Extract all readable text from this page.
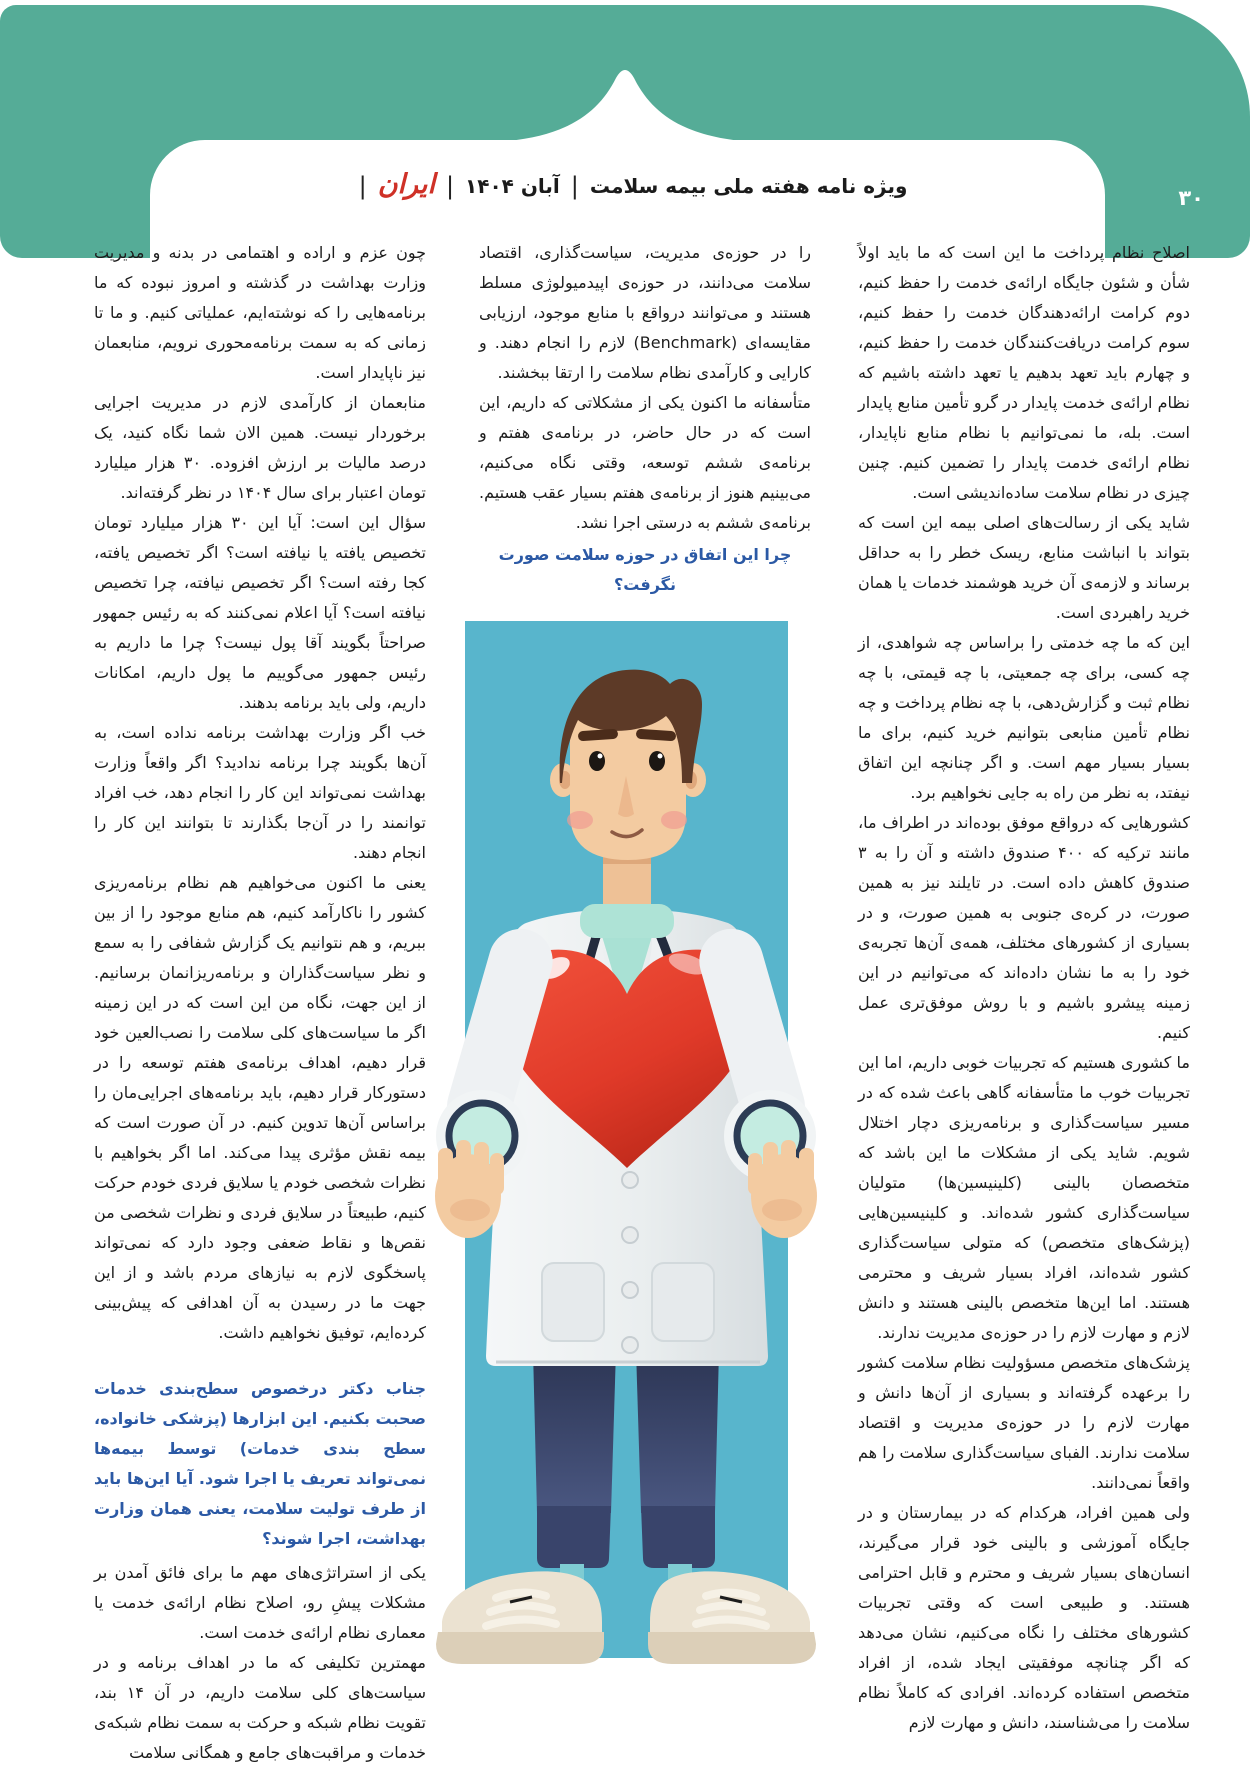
۳۰
ویژه نامه هفته ملی بیمه سلامت
|
آبان ۱۴۰۴
|
ایران
|

اصلاح نظام پرداخت ما این است که ما باید اولاً شأن و شئون جایگاه ارائه‌ی خدمت را حفظ کنیم، دوم کرامت ارائه‌دهندگان خدمت را حفظ کنیم، سوم کرامت دریافت‌کنندگان خدمت را حفظ کنیم، و چهارم باید تعهد بدهیم یا تعهد داشته باشیم که نظام ارائه‌ی خدمت پایدار در گرو تأمین منابع پایدار است. بله، ما نمی‌توانیم با نظام منابع ناپایدار، نظام ارائه‌ی خدمت پایدار را تضمین کنیم. چنین چیزی در نظام سلامت ساده‌اندیشی است.

شاید یکی از رسالت‌های اصلی بیمه این است که بتواند با انباشت منابع، ریسک خطر را به حداقل برساند و لازمه‌ی آن خرید هوشمند خدمات یا همان خرید راهبردی است.

این که ما چه خدمتی را براساس چه شواهدی، از چه کسی، برای چه جمعیتی، با چه قیمتی، با چه نظام ثبت و گزارش‌دهی، با چه نظام پرداخت و چه نظام تأمین منابعی بتوانیم خرید کنیم، برای ما بسیار بسیار مهم است. و اگر چنانچه این اتفاق نیفتد، به نظر من راه به جایی نخواهیم برد.

کشورهایی که درواقع موفق بوده‌اند در اطراف ما، مانند ترکیه که ۴۰۰ صندوق داشته و آن را به ۳ صندوق کاهش داده است. در تایلند نیز به همین صورت، در کره‌ی جنوبی به همین صورت، و در بسیاری از کشورهای مختلف، همه‌ی آن‌ها تجربه‌ی خود را به ما نشان داده‌اند که می‌توانیم در این زمینه پیشرو باشیم و با روش موفق‌تری عمل کنیم.

ما کشوری هستیم که تجربیات خوبی داریم، اما این تجربیات خوب ما متأسفانه گاهی باعث شده که در مسیر سیاست‌گذاری و برنامه‌ریزی دچار اختلال شویم. شاید یکی از مشکلات ما این باشد که متخصصان بالینی (کلینیسین‌ها) متولیان سیاست‌گذاری کشور شده‌اند. و کلینیسین‌هایی (پزشک‌های متخصص) که متولی سیاست‌گذاری کشور شده‌اند، افراد بسیار شریف و محترمی هستند. اما این‌ها متخصص بالینی هستند و دانش لازم و مهارت لازم را در حوزه‌ی مدیریت ندارند.

پزشک‌های متخصص مسؤولیت نظام سلامت کشور را برعهده گرفته‌اند و بسیاری از آن‌ها دانش و مهارت لازم را در حوزه‌ی مدیریت و اقتصاد سلامت ندارند. الفبای سیاست‌گذاری سلامت را هم واقعاً نمی‌دانند.

ولی همین افراد، هرکدام که در بیمارستان و در جایگاه آموزشی و بالینی خود قرار می‌گیرند، انسان‌های بسیار شریف و محترم و قابل احترامی هستند. و طبیعی است که وقتی تجربیات کشورهای مختلف را نگاه می‌کنیم، نشان می‌دهد که اگر چنانچه موفقیتی ایجاد شده، از افراد متخصص استفاده کرده‌اند. افرادی که کاملاً نظام سلامت را می‌شناسند، دانش و مهارت لازم

را در حوزه‌ی مدیریت، سیاست‌گذاری، اقتصاد سلامت می‌دانند، در حوزه‌ی اپیدمیولوژی مسلط هستند و می‌توانند درواقع با منابع موجود، ارزیابی مقایسه‌ای (Benchmark) لازم را انجام دهند. و کارایی و کارآمدی نظام سلامت را ارتقا ببخشند.

متأسفانه ما اکنون یکی از مشکلاتی که داریم، این است که در حال حاضر، در برنامه‌ی هفتم و برنامه‌ی ششم توسعه، وقتی نگاه می‌کنیم، می‌بینیم هنوز از برنامه‌ی هفتم بسیار عقب هستیم. برنامه‌ی ششم به درستی اجرا نشد.

چرا این اتفاق در حوزه سلامت صورت نگرفت؟

چون عزم و اراده و اهتمامی در بدنه و مدیریت وزارت بهداشت در گذشته و امروز نبوده که ما برنامه‌هایی را که نوشته‌ایم، عملیاتی کنیم. و ما تا زمانی که به سمت برنامه‌محوری نرویم، منابعمان نیز ناپایدار است.

منابعمان از کارآمدی لازم در مدیریت اجرایی برخوردار نیست. همین الان شما نگاه کنید، یک درصد مالیات بر ارزش افزوده. ۳۰ هزار میلیارد تومان اعتبار برای سال ۱۴۰۴ در نظر گرفته‌اند.

سؤال این است: آیا این ۳۰ هزار میلیارد تومان تخصیص یافته یا نیافته است؟ اگر تخصیص یافته، کجا رفته است؟ اگر تخصیص نیافته، چرا تخصیص نیافته است؟ آیا اعلام نمی‌کنند که به رئیس جمهور صراحتاً بگویند آقا پول نیست؟ چرا ما داریم به رئیس جمهور می‌گوییم ما پول داریم، امکانات داریم، ولی باید برنامه بدهند.

خب اگر وزارت بهداشت برنامه نداده است، به آن‌ها بگویند چرا برنامه ندادید؟ اگر واقعاً وزارت بهداشت نمی‌تواند این کار را انجام دهد، خب افراد توانمند را در آن‌جا بگذارند تا بتوانند این کار را انجام دهند.

یعنی ما اکنون می‌خواهیم هم نظام برنامه‌ریزی کشور را ناکارآمد کنیم، هم منابع موجود را از بین ببریم، و هم نتوانیم یک گزارش شفافی را به سمع و نظر سیاست‌گذاران و برنامه‌ریزانمان برسانیم. از این جهت، نگاه من این است که در این زمینه اگر ما سیاست‌های کلی سلامت را نصب‌العین خود قرار دهیم، اهداف برنامه‌ی هفتم توسعه را در دستورکار قرار دهیم، باید برنامه‌های اجرایی‌مان را براساس آن‌ها تدوین کنیم. در آن صورت است که بیمه نقش مؤثری پیدا می‌کند. اما اگر بخواهیم با نظرات شخصی خودم یا سلایق فردی خودم حرکت کنیم، طبیعتاً در سلایق فردی و نظرات شخصی من نقص‌ها و نقاط ضعفی وجود دارد که نمی‌تواند پاسخگوی لازم به نیازهای مردم باشد و از این جهت ما در رسیدن به آن اهدافی که پیش‌بینی کرده‌ایم، توفیق نخواهیم داشت.

جناب دکتر درخصوص سطح‌بندی خدمات صحبت بکنیم. این ابزارها (پزشکی خانواده، سطح بندی خدمات) توسط بیمه‌ها نمی‌تواند تعریف یا اجرا شود. آیا این‌ها باید از طرف تولیت سلامت، یعنی همان وزارت بهداشت، اجرا شوند؟

یکی از استراتژی‌های مهم ما برای فائق آمدن بر مشکلات پیشِ رو، اصلاح نظام ارائه‌ی خدمت یا معماری نظام ارائه‌ی خدمت است.

مهمترین تکلیفی که ما در اهداف برنامه و در سیاست‌های کلی سلامت داریم، در آن ۱۴ بند، تقویت نظام شبکه و حرکت به سمت نظام شبکه‌ی خدمات و مراقبت‌های جامع و همگانی سلامت
